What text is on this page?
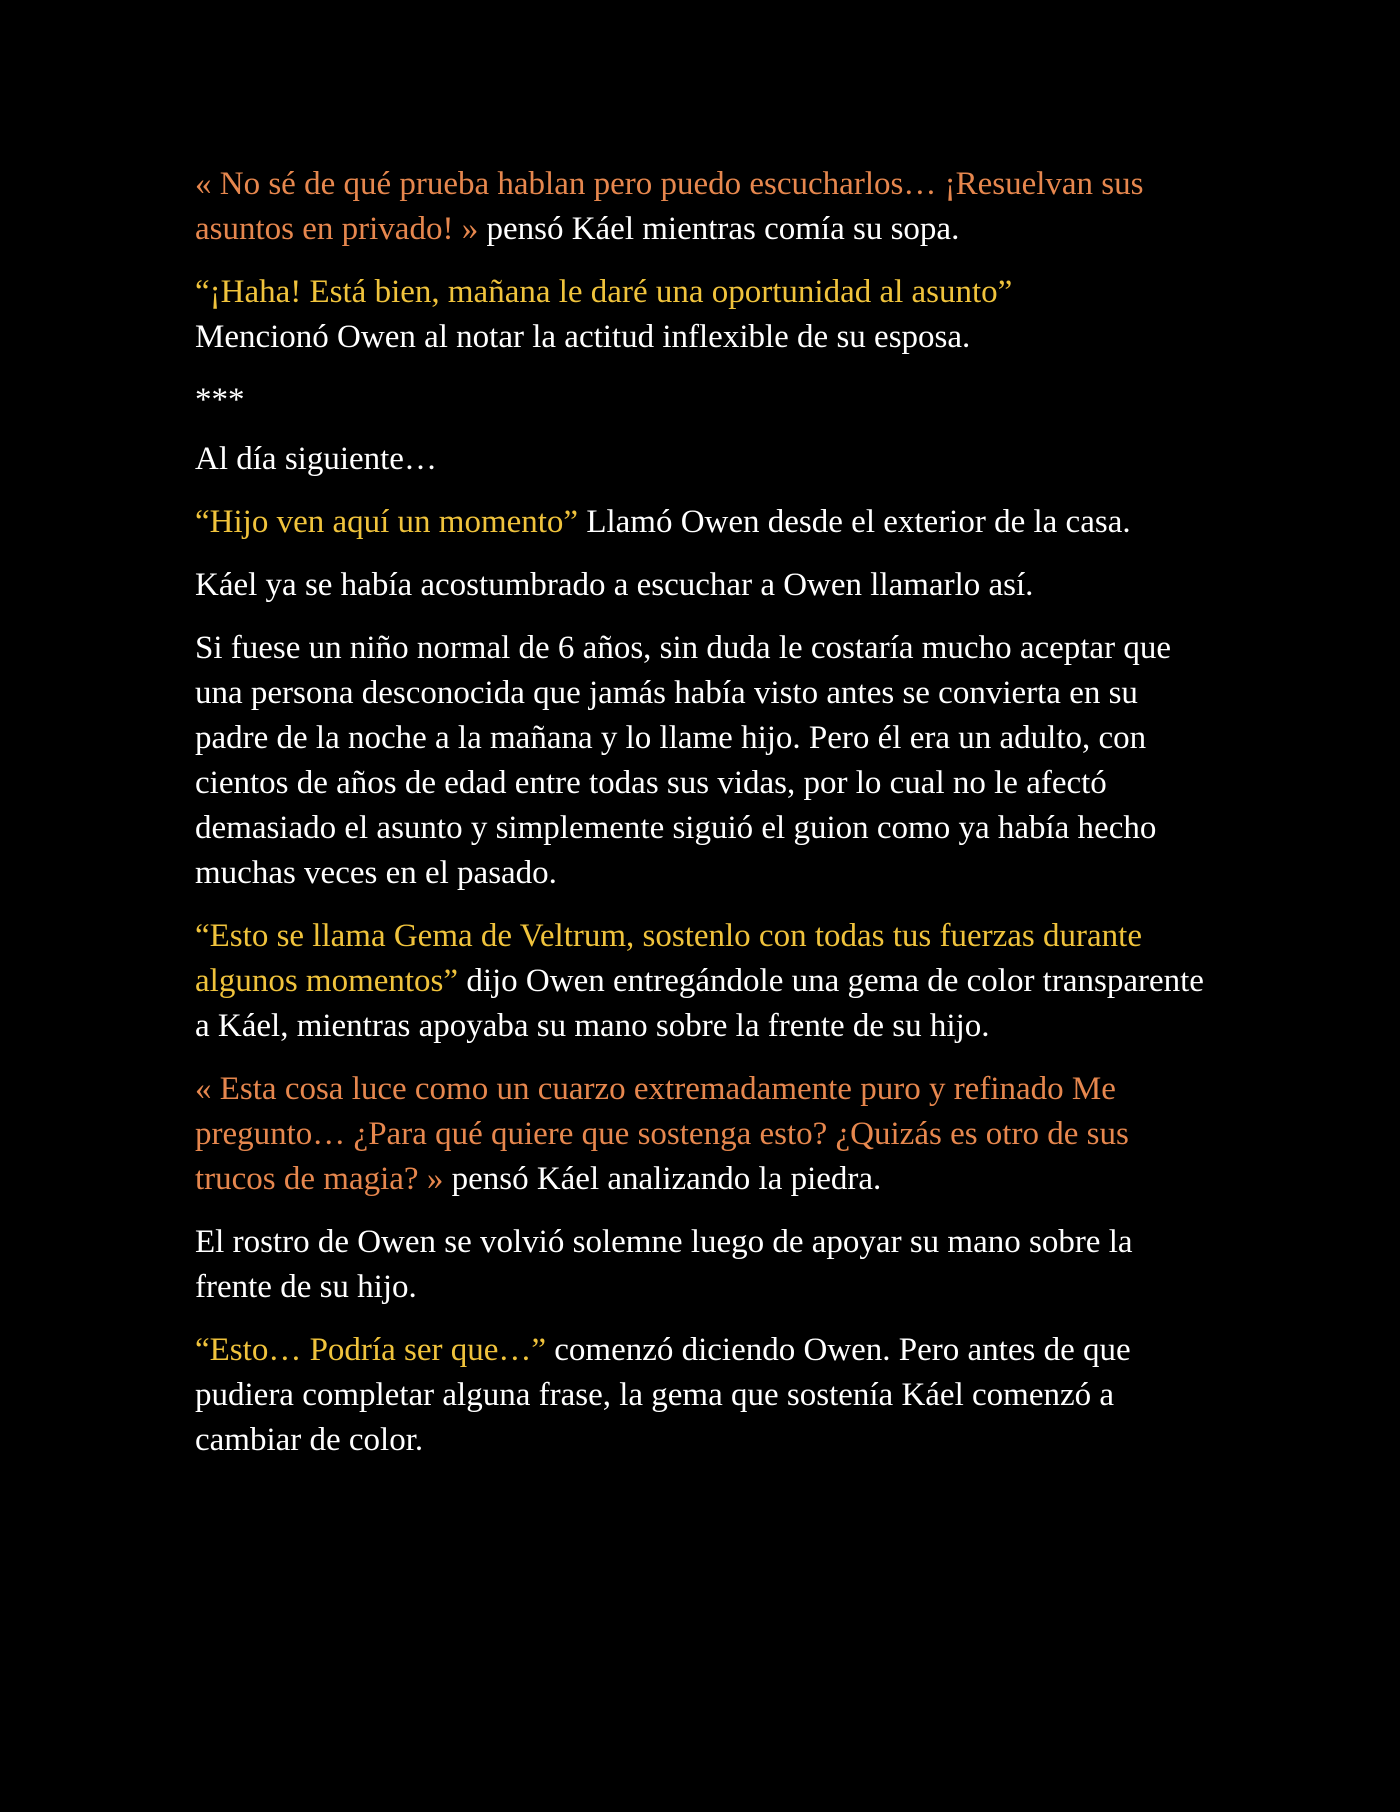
« No sé de qué prueba hablan pero puedo escucharlos… ¡Resuelvan sus asuntos en privado! » pensó Káel mientras comía su sopa.

“¡Haha! Está bien, mañana le daré una oportunidad al asunto”
Mencionó Owen al notar la actitud inflexible de su esposa.

***

Al día siguiente…

“Hijo ven aquí un momento” Llamó Owen desde el exterior de la casa.

Káel ya se había acostumbrado a escuchar a Owen llamarlo así.

Si fuese un niño normal de 6 años, sin duda le costaría mucho aceptar que una persona desconocida que jamás había visto antes se convierta en su padre de la noche a la mañana y lo llame hijo. Pero él era un adulto, con cientos de años de edad entre todas sus vidas, por lo cual no le afectó demasiado el asunto y simplemente siguió el guion como ya había hecho muchas veces en el pasado.

“Esto se llama Gema de Veltrum, sostenlo con todas tus fuerzas durante algunos momentos” dijo Owen entregándole una gema de color transparente a Káel, mientras apoyaba su mano sobre la frente de su hijo.

« Esta cosa luce como un cuarzo extremadamente puro y refinado Me pregunto… ¿Para qué quiere que sostenga esto? ¿Quizás es otro de sus trucos de magia? » pensó Káel analizando la piedra.

El rostro de Owen se volvió solemne luego de apoyar su mano sobre la frente de su hijo.

“Esto… Podría ser que…” comenzó diciendo Owen. Pero antes de que pudiera completar alguna frase, la gema que sostenía Káel comenzó a cambiar de color.
